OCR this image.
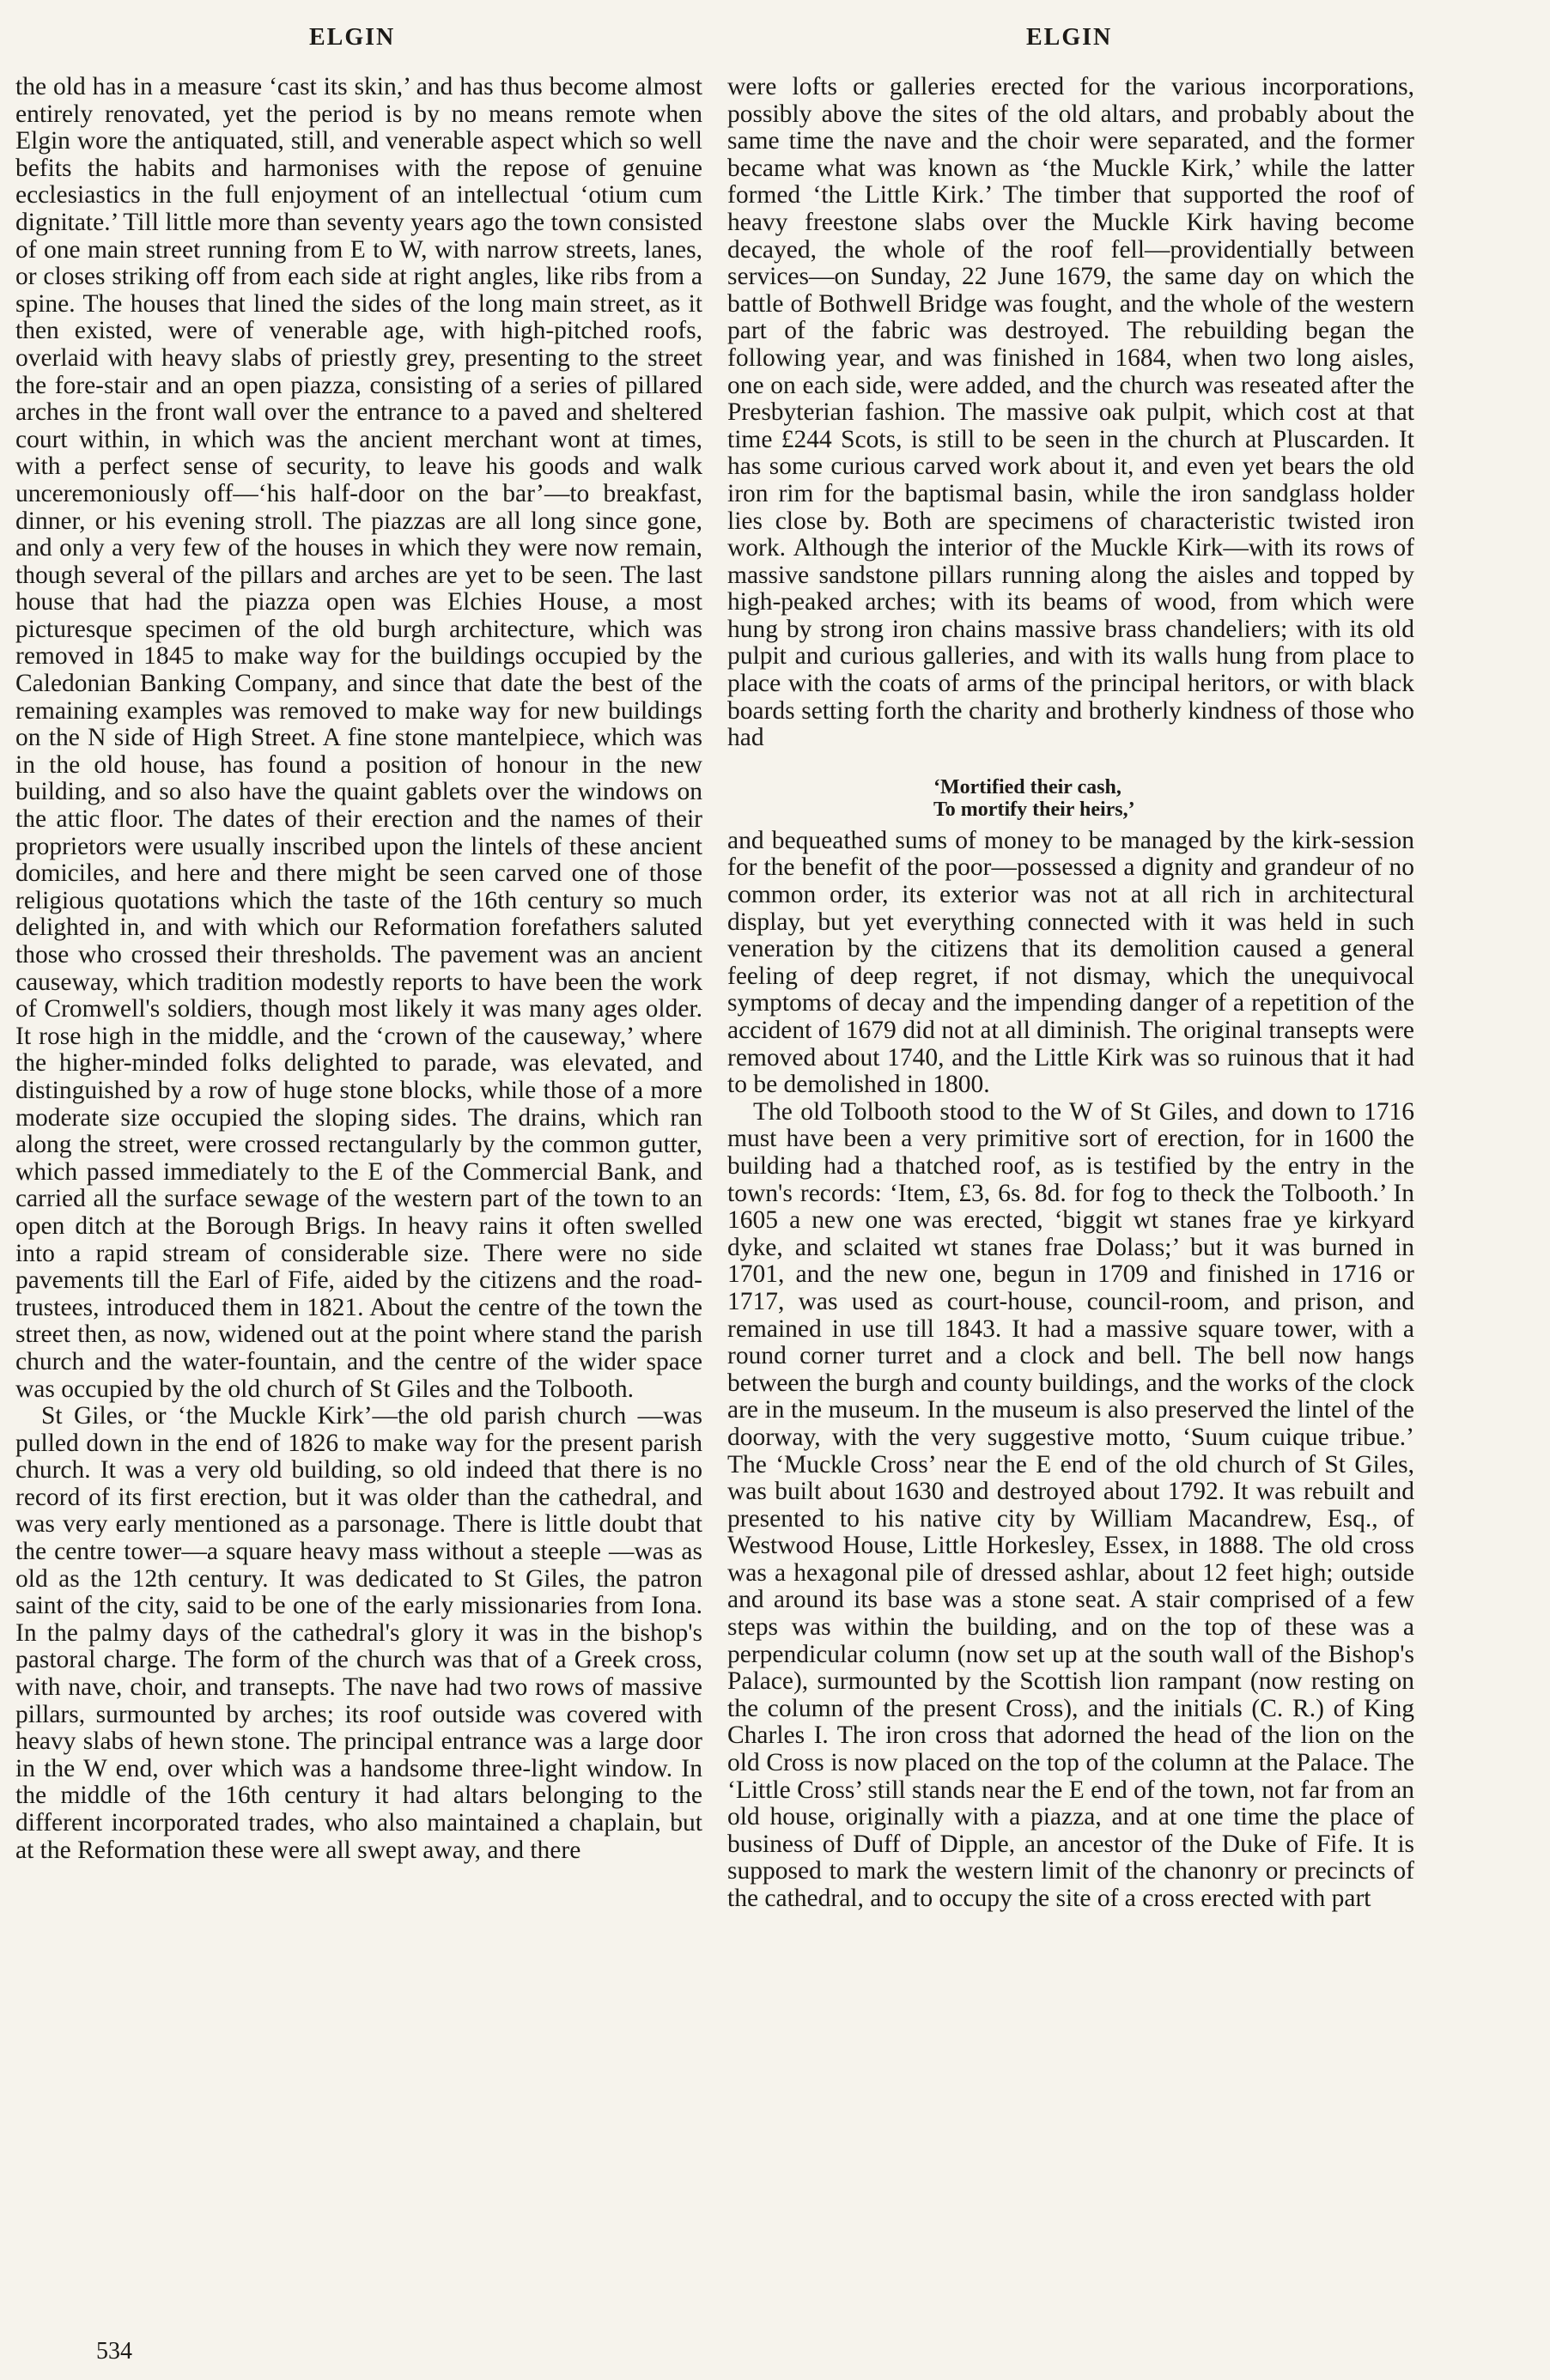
ELGIN	ELGIN

the old has in a measure ‘cast its skin,’ and has thus become almost entirely renovated, yet the period is by no means remote when Elgin wore the antiquated, still, and venerable aspect which so well befits the habits and harmonises with the repose of genuine ecclesiastics in the full enjoyment of an intellectual ‘otium cum dignitate.’ Till little more than seventy years ago the town consisted of one main street running from E to W, with narrow streets, lanes, or closes striking off from each side at right angles, like ribs from a spine. The houses that lined the sides of the long main street, as it then existed, were of venerable age, with high-pitched roofs, overlaid with heavy slabs of priestly grey, presenting to the street the fore-stair and an open piazza, consisting of a series of pillared arches in the front wall over the entrance to a paved and sheltered court within, in which was the ancient merchant wont at times, with a perfect sense of security, to leave his goods and walk unceremoniously off—‘his half-door on the bar’—to breakfast, dinner, or his evening stroll. The piazzas are all long since gone, and only a very few of the houses in which they were now remain, though several of the pillars and arches are yet to be seen. The last house that had the piazza open was Elchies House, a most picturesque specimen of the old burgh architecture, which was removed in 1845 to make way for the buildings occupied by the Caledonian Banking Company, and since that date the best of the remaining examples was removed to make way for new buildings on the N side of High Street. A fine stone mantelpiece, which was in the old house, has found a position of honour in the new building, and so also have the quaint gablets over the windows on the attic floor. The dates of their erection and the names of their proprietors were usually inscribed upon the lintels of these ancient domiciles, and here and there might be seen carved one of those religious quotations which the taste of the 16th century so much delighted in, and with which our Reformation forefathers saluted those who crossed their thresholds. The pavement was an ancient causeway, which tradition modestly reports to have been the work of Cromwell's soldiers, though most likely it was many ages older. It rose high in the middle, and the ‘crown of the causeway,’ where the higher-minded folks delighted to parade, was elevated, and distinguished by a row of huge stone blocks, while those of a more moderate size occupied the sloping sides. The drains, which ran along the street, were crossed rectangularly by the common gutter, which passed immediately to the E of the Commercial Bank, and carried all the surface sewage of the western part of the town to an open ditch at the Borough Brigs. In heavy rains it often swelled into a rapid stream of considerable size. There were no side pavements till the Earl of Fife, aided by the citizens and the road-trustees, introduced them in 1821. About the centre of the town the street then, as now, widened out at the point where stand the parish church and the water-fountain, and the centre of the wider space was occupied by the old church of St Giles and the Tolbooth.

St Giles, or ‘the Muckle Kirk’—the old parish church —was pulled down in the end of 1826 to make way for the present parish church. It was a very old building, so old indeed that there is no record of its first erection, but it was older than the cathedral, and was very early mentioned as a parsonage. There is little doubt that the centre tower—a square heavy mass without a steeple —was as old as the 12th century. It was dedicated to St Giles, the patron saint of the city, said to be one of the early missionaries from Iona. In the palmy days of the cathedral's glory it was in the bishop's pastoral charge. The form of the church was that of a Greek cross, with nave, choir, and transepts. The nave had two rows of massive pillars, surmounted by arches; its roof outside was covered with heavy slabs of hewn stone. The principal entrance was a large door in the W end, over which was a handsome three-light window. In the middle of the 16th century it had altars belonging to the different incorporated trades, who also maintained a chaplain, but at the Reformation these were all swept away, and there

were lofts or galleries erected for the various incorporations, possibly above the sites of the old altars, and probably about the same time the nave and the choir were separated, and the former became what was known as ‘the Muckle Kirk,’ while the latter formed ‘the Little Kirk.’ The timber that supported the roof of heavy freestone slabs over the Muckle Kirk having become decayed, the whole of the roof fell—providentially between services—on Sunday, 22 June 1679, the same day on which the battle of Bothwell Bridge was fought, and the whole of the western part of the fabric was destroyed. The rebuilding began the following year, and was finished in 1684, when two long aisles, one on each side, were added, and the church was reseated after the Presbyterian fashion. The massive oak pulpit, which cost at that time £244 Scots, is still to be seen in the church at Pluscarden. It has some curious carved work about it, and even yet bears the old iron rim for the baptismal basin, while the iron sandglass holder lies close by. Both are specimens of characteristic twisted iron work. Although the interior of the Muckle Kirk—with its rows of massive sandstone pillars running along the aisles and topped by high-peaked arches; with its beams of wood, from which were hung by strong iron chains massive brass chandeliers; with its old pulpit and curious galleries, and with its walls hung from place to place with the coats of arms of the principal heritors, or with black boards setting forth the charity and brotherly kindness of those who had

‘Mortified their cash,
To mortify their heirs,’

and bequeathed sums of money to be managed by the kirk-session for the benefit of the poor—possessed a dignity and grandeur of no common order, its exterior was not at all rich in architectural display, but yet everything connected with it was held in such veneration by the citizens that its demolition caused a general feeling of deep regret, if not dismay, which the unequivocal symptoms of decay and the impending danger of a repetition of the accident of 1679 did not at all diminish. The original transepts were removed about 1740, and the Little Kirk was so ruinous that it had to be demolished in 1800.

The old Tolbooth stood to the W of St Giles, and down to 1716 must have been a very primitive sort of erection, for in 1600 the building had a thatched roof, as is testified by the entry in the town's records: ‘Item, £3, 6s. 8d. for fog to theck the Tolbooth.’ In 1605 a new one was erected, ‘biggit wt stanes frae ye kirkyard dyke, and sclaited wt stanes frae Dolass;’ but it was burned in 1701, and the new one, begun in 1709 and finished in 1716 or 1717, was used as court-house, council-room, and prison, and remained in use till 1843. It had a massive square tower, with a round corner turret and a clock and bell. The bell now hangs between the burgh and county buildings, and the works of the clock are in the museum. In the museum is also preserved the lintel of the doorway, with the very suggestive motto, ‘Suum cuique tribue.’ The ‘Muckle Cross’ near the E end of the old church of St Giles, was built about 1630 and destroyed about 1792. It was rebuilt and presented to his native city by William Macandrew, Esq., of Westwood House, Little Horkesley, Essex, in 1888. The old cross was a hexagonal pile of dressed ashlar, about 12 feet high; outside and around its base was a stone seat. A stair comprised of a few steps was within the building, and on the top of these was a perpendicular column (now set up at the south wall of the Bishop's Palace), surmounted by the Scottish lion rampant (now resting on the column of the present Cross), and the initials (C. R.) of King Charles I. The iron cross that adorned the head of the lion on the old Cross is now placed on the top of the column at the Palace. The ‘Little Cross’ still stands near the E end of the town, not far from an old house, originally with a piazza, and at one time the place of business of Duff of Dipple, an ancestor of the Duke of Fife. It is supposed to mark the western limit of the chanonry or precincts of the cathedral, and to occupy the site of a cross erected with part

534
